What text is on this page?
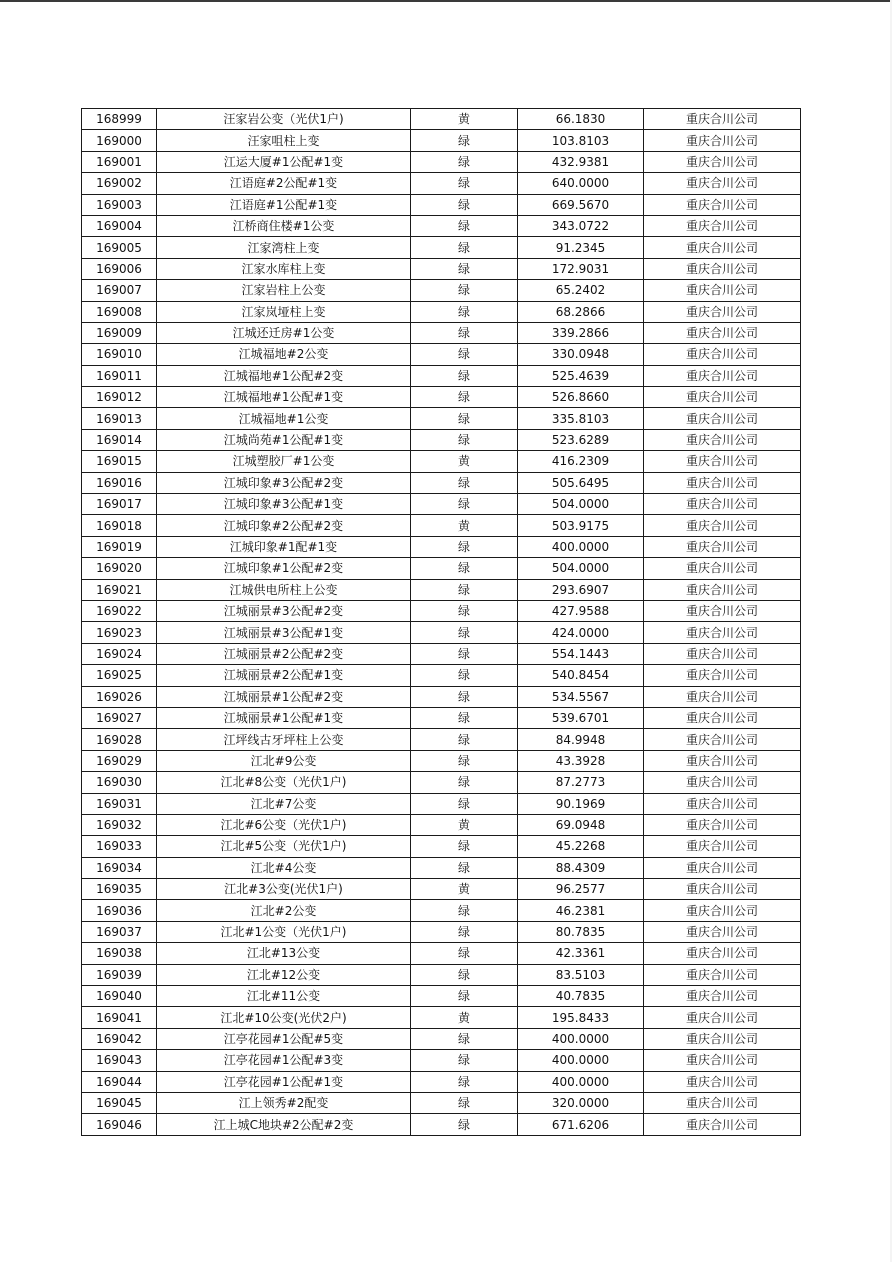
168999	汪家岩公变（光伏1户)	黄	66.1830	重庆合川公司
169000	汪家咀柱上变	绿	103.8103	重庆合川公司
169001	江运大厦#1公配#1变	绿	432.9381	重庆合川公司
169002	江语庭#2公配#1变	绿	640.0000	重庆合川公司
169003	江语庭#1公配#1变	绿	669.5670	重庆合川公司
169004	江桥商住楼#1公变	绿	343.0722	重庆合川公司
169005	江家湾柱上变	绿	91.2345	重庆合川公司
169006	江家水库柱上变	绿	172.9031	重庆合川公司
169007	江家岩柱上公变	绿	65.2402	重庆合川公司
169008	江家岚垭柱上变	绿	68.2866	重庆合川公司
169009	江城还迁房#1公变	绿	339.2866	重庆合川公司
169010	江城福地#2公变	绿	330.0948	重庆合川公司
169011	江城福地#1公配#2变	绿	525.4639	重庆合川公司
169012	江城福地#1公配#1变	绿	526.8660	重庆合川公司
169013	江城福地#1公变	绿	335.8103	重庆合川公司
169014	江城尚苑#1公配#1变	绿	523.6289	重庆合川公司
169015	江城塑胶厂#1公变	黄	416.2309	重庆合川公司
169016	江城印象#3公配#2变	绿	505.6495	重庆合川公司
169017	江城印象#3公配#1变	绿	504.0000	重庆合川公司
169018	江城印象#2公配#2变	黄	503.9175	重庆合川公司
169019	江城印象#1配#1变	绿	400.0000	重庆合川公司
169020	江城印象#1公配#2变	绿	504.0000	重庆合川公司
169021	江城供电所柱上公变	绿	293.6907	重庆合川公司
169022	江城丽景#3公配#2变	绿	427.9588	重庆合川公司
169023	江城丽景#3公配#1变	绿	424.0000	重庆合川公司
169024	江城丽景#2公配#2变	绿	554.1443	重庆合川公司
169025	江城丽景#2公配#1变	绿	540.8454	重庆合川公司
169026	江城丽景#1公配#2变	绿	534.5567	重庆合川公司
169027	江城丽景#1公配#1变	绿	539.6701	重庆合川公司
169028	江坪线古牙坪柱上公变	绿	84.9948	重庆合川公司
169029	江北#9公变	绿	43.3928	重庆合川公司
169030	江北#8公变（光伏1户)	绿	87.2773	重庆合川公司
169031	江北#7公变	绿	90.1969	重庆合川公司
169032	江北#6公变（光伏1户)	黄	69.0948	重庆合川公司
169033	江北#5公变（光伏1户)	绿	45.2268	重庆合川公司
169034	江北#4公变	绿	88.4309	重庆合川公司
169035	江北#3公变(光伏1户)	黄	96.2577	重庆合川公司
169036	江北#2公变	绿	46.2381	重庆合川公司
169037	江北#1公变（光伏1户)	绿	80.7835	重庆合川公司
169038	江北#13公变	绿	42.3361	重庆合川公司
169039	江北#12公变	绿	83.5103	重庆合川公司
169040	江北#11公变	绿	40.7835	重庆合川公司
169041	江北#10公变(光伏2户)	黄	195.8433	重庆合川公司
169042	江亭花园#1公配#5变	绿	400.0000	重庆合川公司
169043	江亭花园#1公配#3变	绿	400.0000	重庆合川公司
169044	江亭花园#1公配#1变	绿	400.0000	重庆合川公司
169045	江上领秀#2配变	绿	320.0000	重庆合川公司
169046	江上城C地块#2公配#2变	绿	671.6206	重庆合川公司
